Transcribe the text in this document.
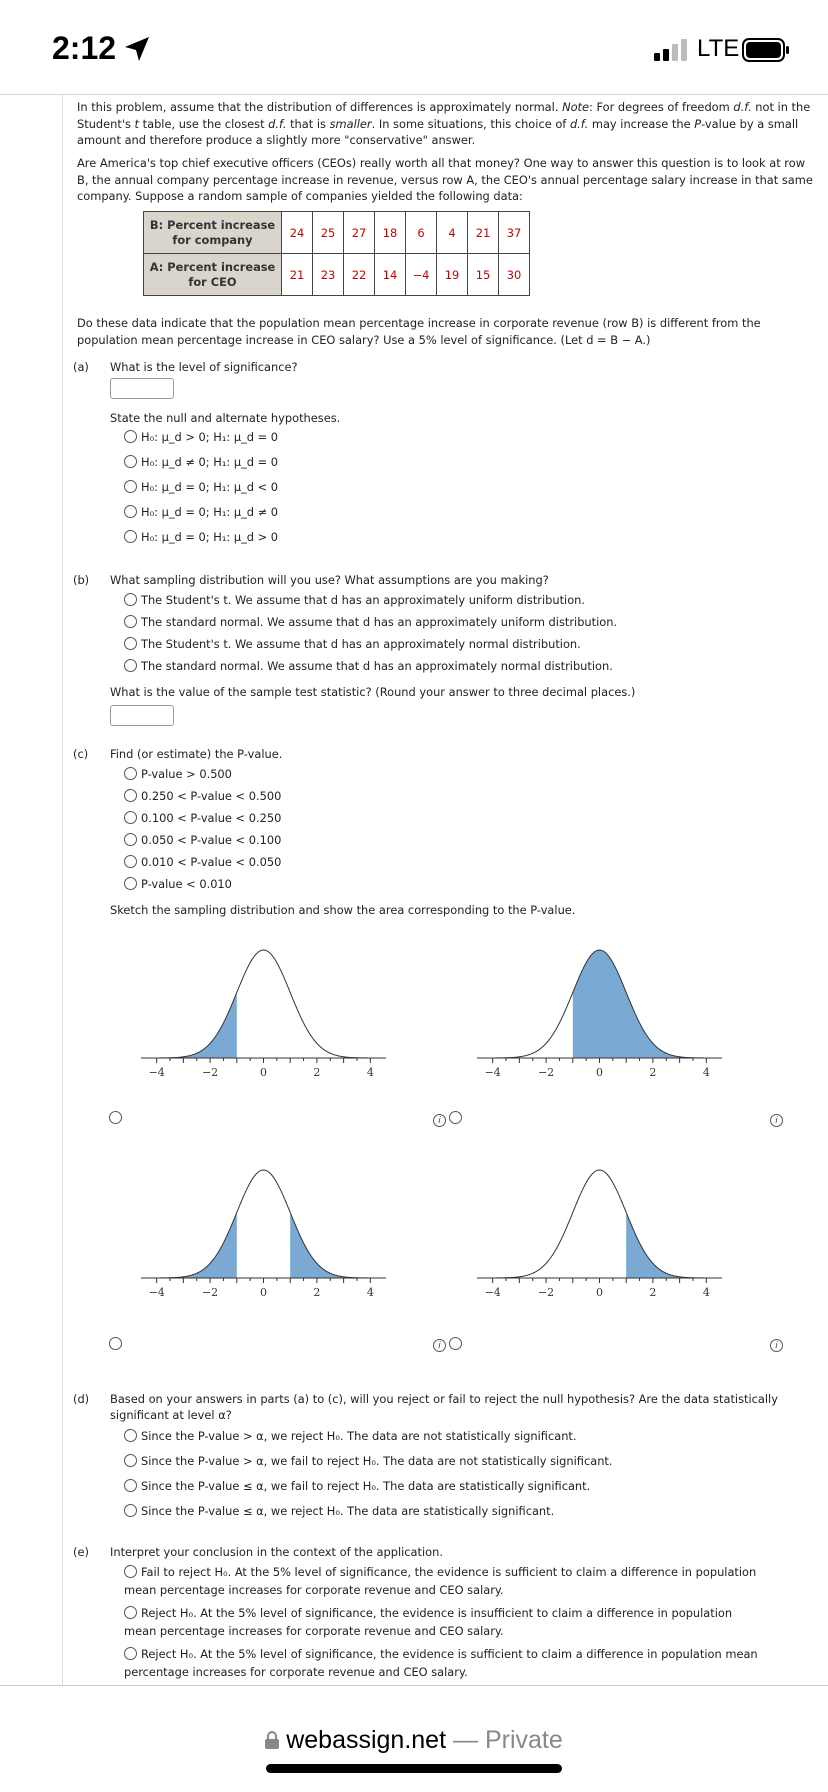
2:12	LTE
In this problem, assume that the distribution of differences is approximately normal. Note: For degrees of freedom d.f. not in the Student's t table, use the closest d.f. that is smaller. In some situations, this choice of d.f. may increase the P-value by a small amount and therefore produce a slightly more "conservative" answer.
Are America's top chief executive officers (CEOs) really worth all that money? One way to answer this question is to look at row B, the annual company percentage increase in revenue, versus row A, the CEO's annual percentage salary increase in that same company. Suppose a random sample of companies yielded the following data:
B: Percent increase for company	24	25	27	18	6	4	21	37
A: Percent increase for CEO	21	23	22	14	−4	19	15	30
Do these data indicate that the population mean percentage increase in corporate revenue (row B) is different from the population mean percentage increase in CEO salary? Use a 5% level of significance. (Let d = B − A.)
(a) What is the level of significance?
State the null and alternate hypotheses.
H₀: μ_d > 0; H₁: μ_d = 0
H₀: μ_d ≠ 0; H₁: μ_d = 0
H₀: μ_d = 0; H₁: μ_d < 0
H₀: μ_d = 0; H₁: μ_d ≠ 0
H₀: μ_d = 0; H₁: μ_d > 0
(b) What sampling distribution will you use? What assumptions are you making?
The Student's t. We assume that d has an approximately uniform distribution.
The standard normal. We assume that d has an approximately uniform distribution.
The Student's t. We assume that d has an approximately normal distribution.
The standard normal. We assume that d has an approximately normal distribution.
What is the value of the sample test statistic? (Round your answer to three decimal places.)
(c) Find (or estimate) the P-value.
P-value > 0.500
0.250 < P-value < 0.500
0.100 < P-value < 0.250
0.050 < P-value < 0.100
0.010 < P-value < 0.050
P-value < 0.010
Sketch the sampling distribution and show the area corresponding to the P-value.
−4	−2	0	2	4	−4	−2	0	2	4
−4	−2	0	2	4	−4	−2	0	2	4
i	i
i	i
(d) Based on your answers in parts (a) to (c), will you reject or fail to reject the null hypothesis? Are the data statistically significant at level α?
Since the P-value > α, we reject H₀. The data are not statistically significant.
Since the P-value > α, we fail to reject H₀. The data are not statistically significant.
Since the P-value ≤ α, we fail to reject H₀. The data are statistically significant.
Since the P-value ≤ α, we reject H₀. The data are statistically significant.
(e) Interpret your conclusion in the context of the application.
Fail to reject H₀. At the 5% level of significance, the evidence is sufficient to claim a difference in population mean percentage increases for corporate revenue and CEO salary.
Reject H₀. At the 5% level of significance, the evidence is insufficient to claim a difference in population mean percentage increases for corporate revenue and CEO salary.
Reject H₀. At the 5% level of significance, the evidence is sufficient to claim a difference in population mean percentage increases for corporate revenue and CEO salary.
webassign.net — Private
